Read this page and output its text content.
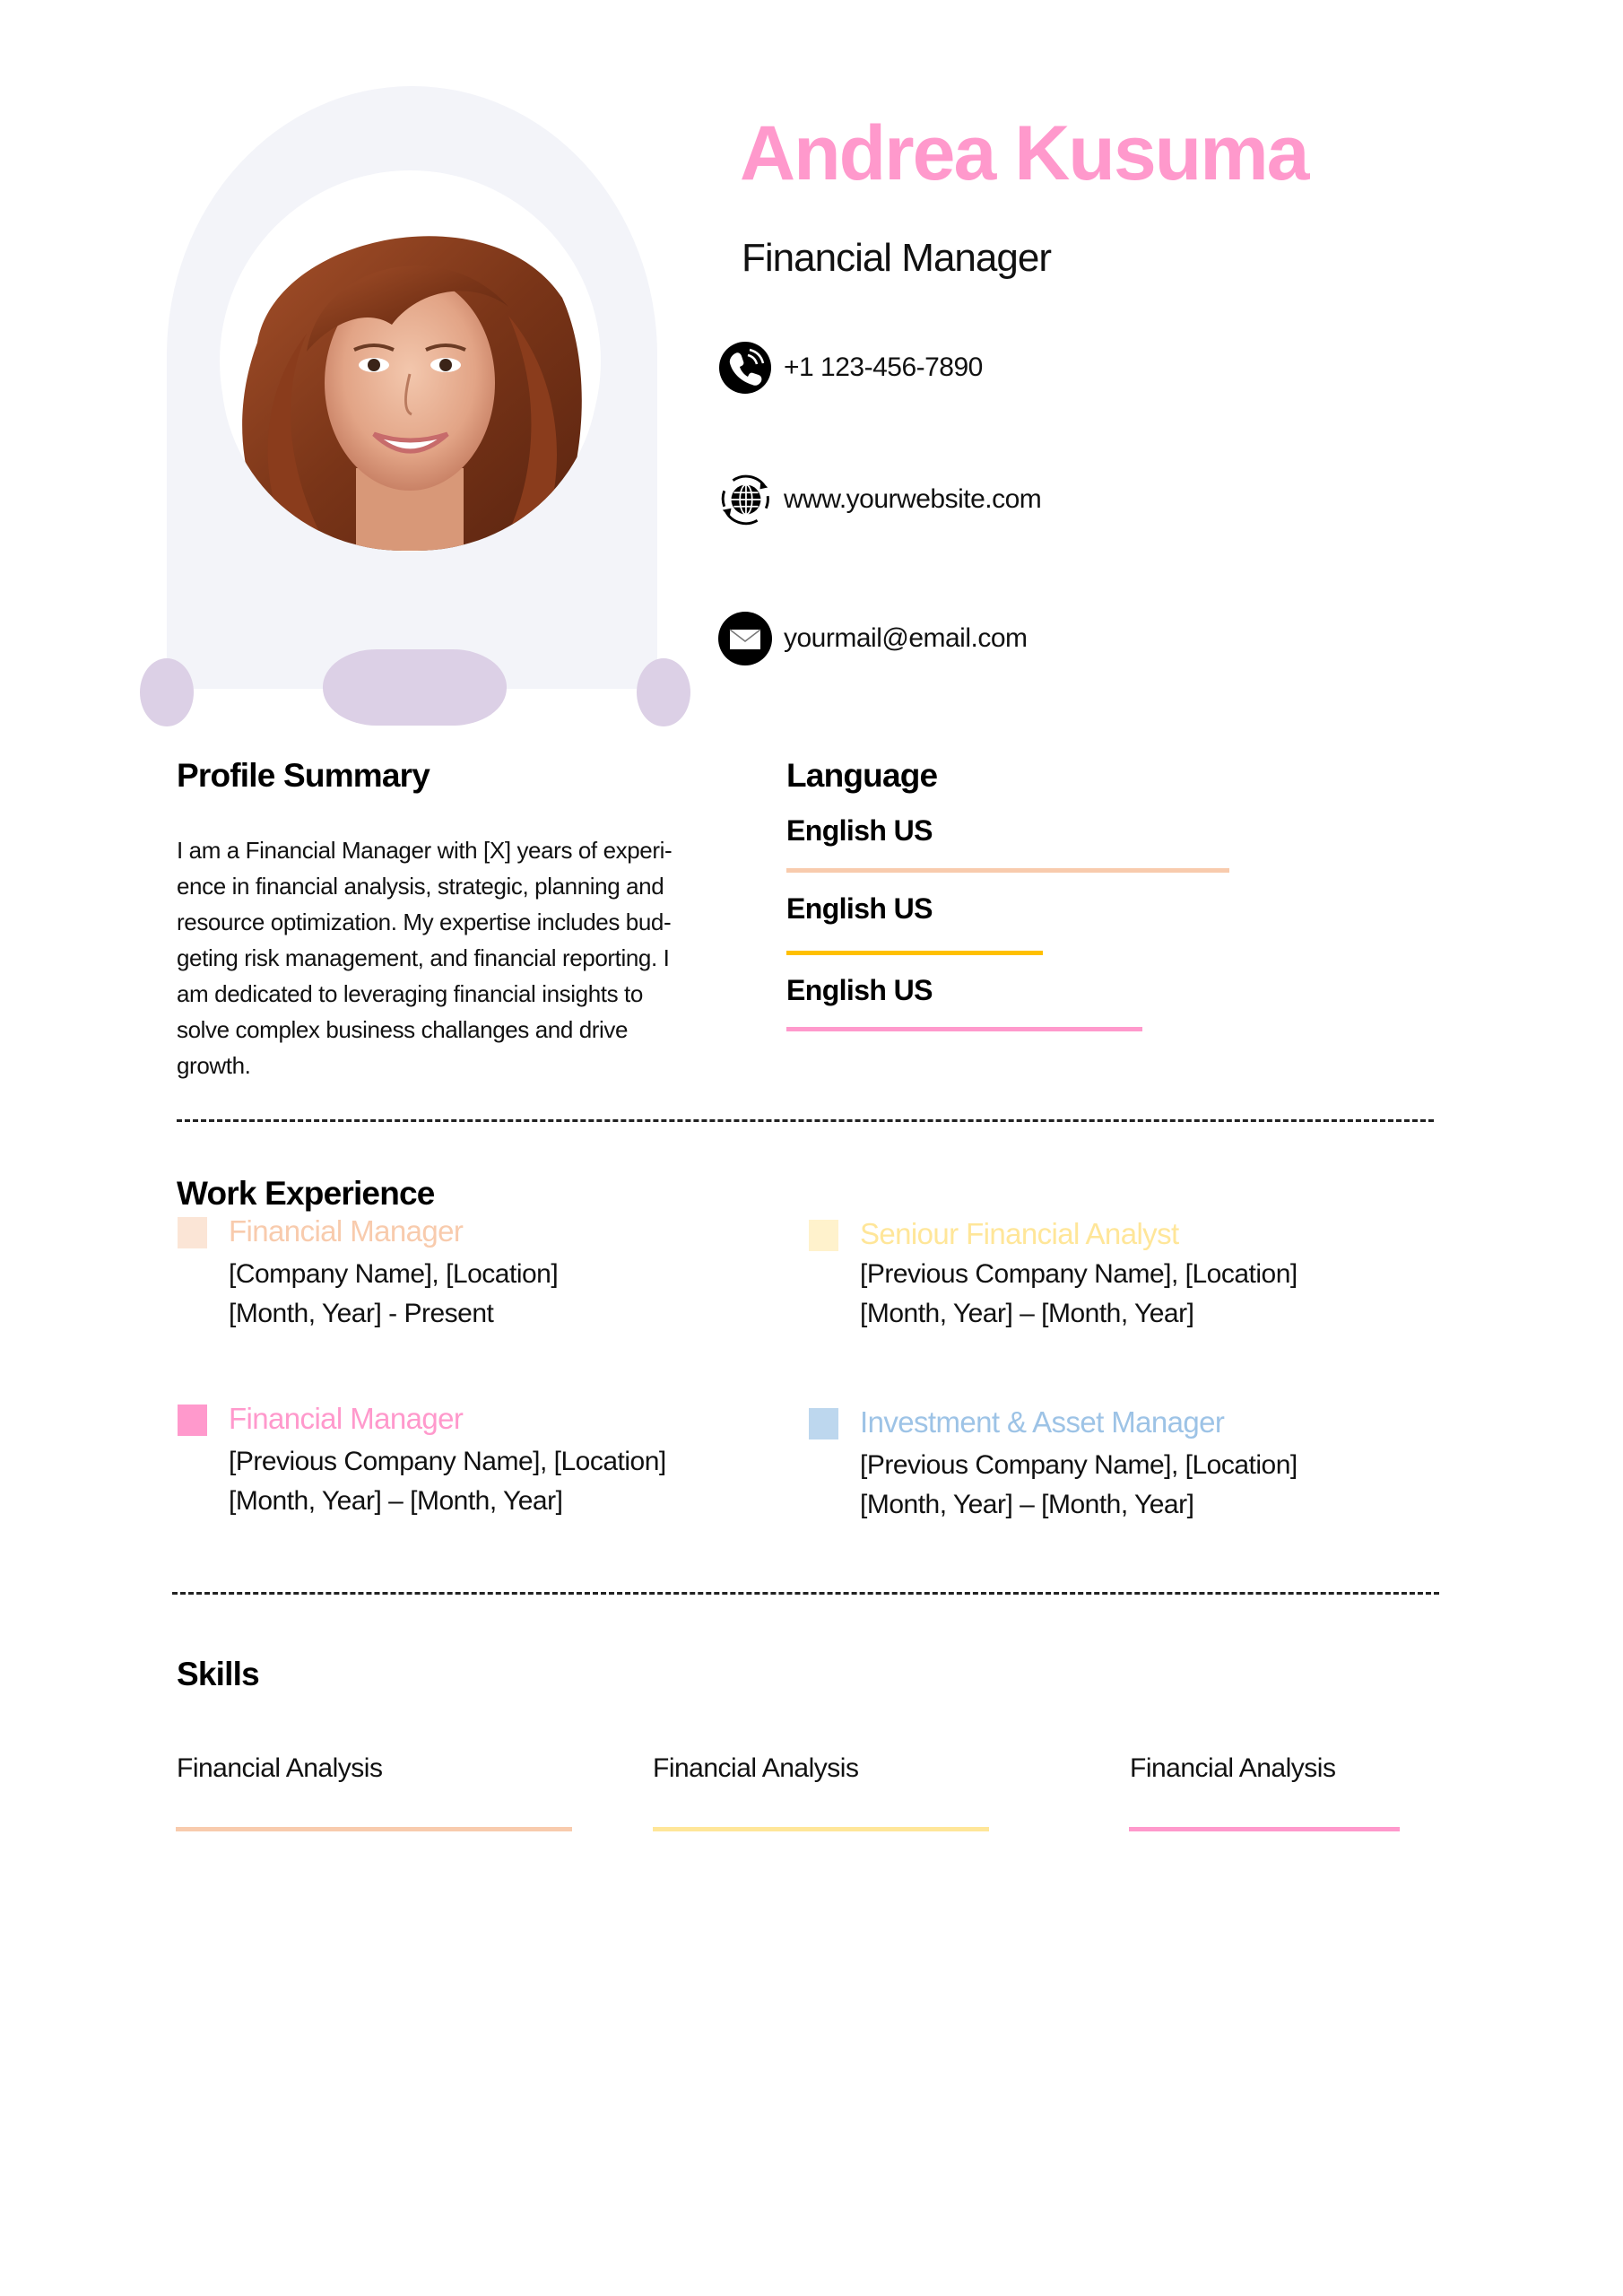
Andrea Kusuma
Financial Manager
+1 123-456-7890
www.yourwebsite.com
yourmail@email.com
Profile Summary
I am a Financial Manager with [X] years of experi-
ence in financial analysis, strategic, planning and
resource optimization. My expertise includes bud-
geting risk management, and financial reporting. I
am dedicated to leveraging financial insights to
solve complex business challanges and drive
growth.
Language
English US
English US
English US
Work Experience
Financial Manager
[Company Name], [Location]
[Month, Year] - Present
Seniour Financial Analyst
[Previous Company Name], [Location]
[Month, Year] – [Month, Year]
Financial Manager
[Previous Company Name], [Location]
[Month, Year] – [Month, Year]
Investment & Asset Manager
[Previous Company Name], [Location]
[Month, Year] – [Month, Year]
Skills
Financial Analysis	Financial Analysis	Financial Analysis
